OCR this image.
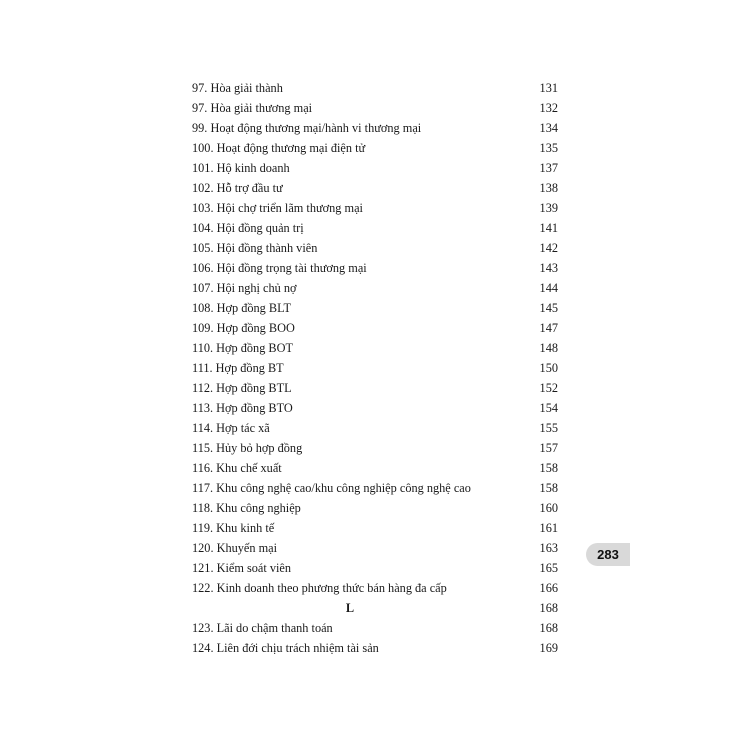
97. Hòa giải thành	131
97. Hòa giải thương mại	132
99. Hoạt động thương mại/hành vi thương mại	134
100. Hoạt động thương mại điện tử	135
101. Hộ kinh doanh	137
102. Hỗ trợ đầu tư	138
103. Hội chợ triển lãm thương mại	139
104. Hội đồng quản trị	141
105. Hội đồng thành viên	142
106. Hội đồng trọng tài thương mại	143
107. Hội nghị chủ nợ	144
108. Hợp đồng BLT	145
109. Hợp đồng BOO	147
110. Hợp đồng BOT	148
111. Hợp đồng BT	150
112. Hợp đồng BTL	152
113. Hợp đồng BTO	154
114. Hợp tác xã	155
115. Hủy bỏ hợp đồng	157
116. Khu chế xuất	158
117. Khu công nghệ cao/khu công nghiệp công nghệ cao	158
118. Khu công nghiệp	160
119. Khu kinh tế	161
120. Khuyến mại	163
121. Kiểm soát viên	165
122. Kinh doanh theo phương thức bán hàng đa cấp	166
L	168
123. Lãi do chậm thanh toán	168
124. Liên đới chịu trách nhiệm tài sản	169
283
